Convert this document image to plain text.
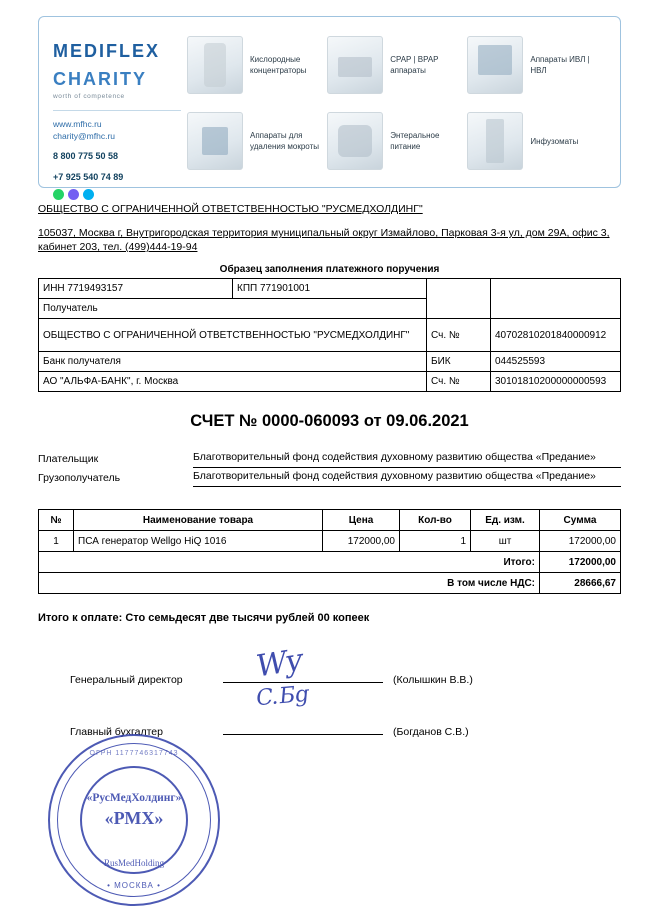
MEDIFLEX
CHARITY
worth of competence
www.mfhc.ru
charity@mfhc.ru
8 800 775 50 58
+7 925 540 74 89
Кислородные концентраторы
CPAP | BPAP аппараты
Аппараты ИВЛ | НВЛ
Аппараты для удаления мокроты
Энтеральное питание
Инфузоматы
ОБЩЕСТВО С ОГРАНИЧЕННОЙ ОТВЕТСТВЕННОСТЬЮ "РУСМЕДХОЛДИНГ"
105037, Москва г, Внутригородская территория муниципальный округ Измайлово, Парковая 3-я ул, дом 29А, офис 3, кабинет 203, тел. (499)444-19-94
Образец заполнения платежного поручения
ИНН 7719493157	КПП 771901001		
Получатель			
ОБЩЕСТВО С ОГРАНИЧЕННОЙ ОТВЕТСТВЕННОСТЬЮ "РУСМЕДХОЛДИНГ"		Сч. №	40702810201840000912
Банк получателя		БИК	044525593
АО "АЛЬФА-БАНК", г. Москва		Сч. №	30101810200000000593
СЧЕТ № 0000-060093 от 09.06.2021
Плательщик	Благотворительный фонд содействия духовному развитию общества «Предание»
Грузополучатель	Благотворительный фонд содействия духовному развитию общества «Предание»
№	Наименование товара	Цена	Кол-во	Ед. изм.	Сумма
1	ПСА генератор Wellgo HiQ 1016	172000,00	1	шт	172000,00
Итого:					172000,00
В том числе НДС:					28666,67
Итого к оплате: Сто семьдесят две тысячи рублей 00 копеек
Генеральный директор	(Колышкин В.В.)
Главный бухгалтер	(Богданов С.В.)
Wy
C.Бg
ОГРН 1177746317743
«РусМедХолдинг»
«РМХ»
RusMedHolding
• МОСКВА •
